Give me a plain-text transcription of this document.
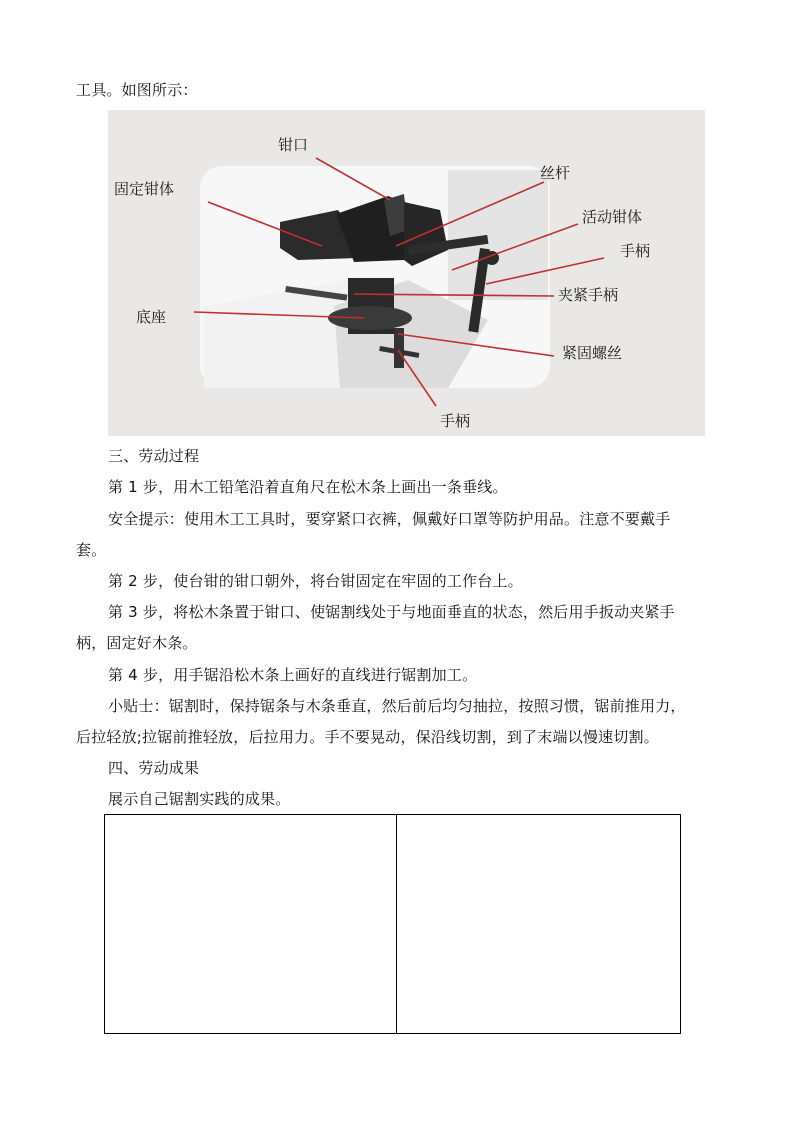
工具。如图所示：
钳口
丝杆
固定钳体
活动钳体
手柄
夹紧手柄
底座
紧固螺丝
手柄
三、劳动过程
第 1 步，用木工铅笔沿着直角尺在松木条上画出一条垂线。
安全提示：使用木工工具时，要穿紧口衣裤，佩戴好口罩等防护用品。注意不要戴手
套。
第 2 步，使台钳的钳口朝外，将台钳固定在牢固的工作台上。
第 3 步，将松木条置于钳口、使锯割线处于与地面垂直的状态，然后用手扳动夹紧手
柄，固定好木条。
第 4 步，用手锯沿松木条上画好的直线进行锯割加工。
小贴士：锯割时，保持锯条与木条垂直，然后前后均匀抽拉，按照习惯，锯前推用力，
后拉轻放;拉锯前推轻放，后拉用力。手不要晃动，保沿线切割，到了末端以慢速切割。
四、劳动成果
展示自己锯割实践的成果。
